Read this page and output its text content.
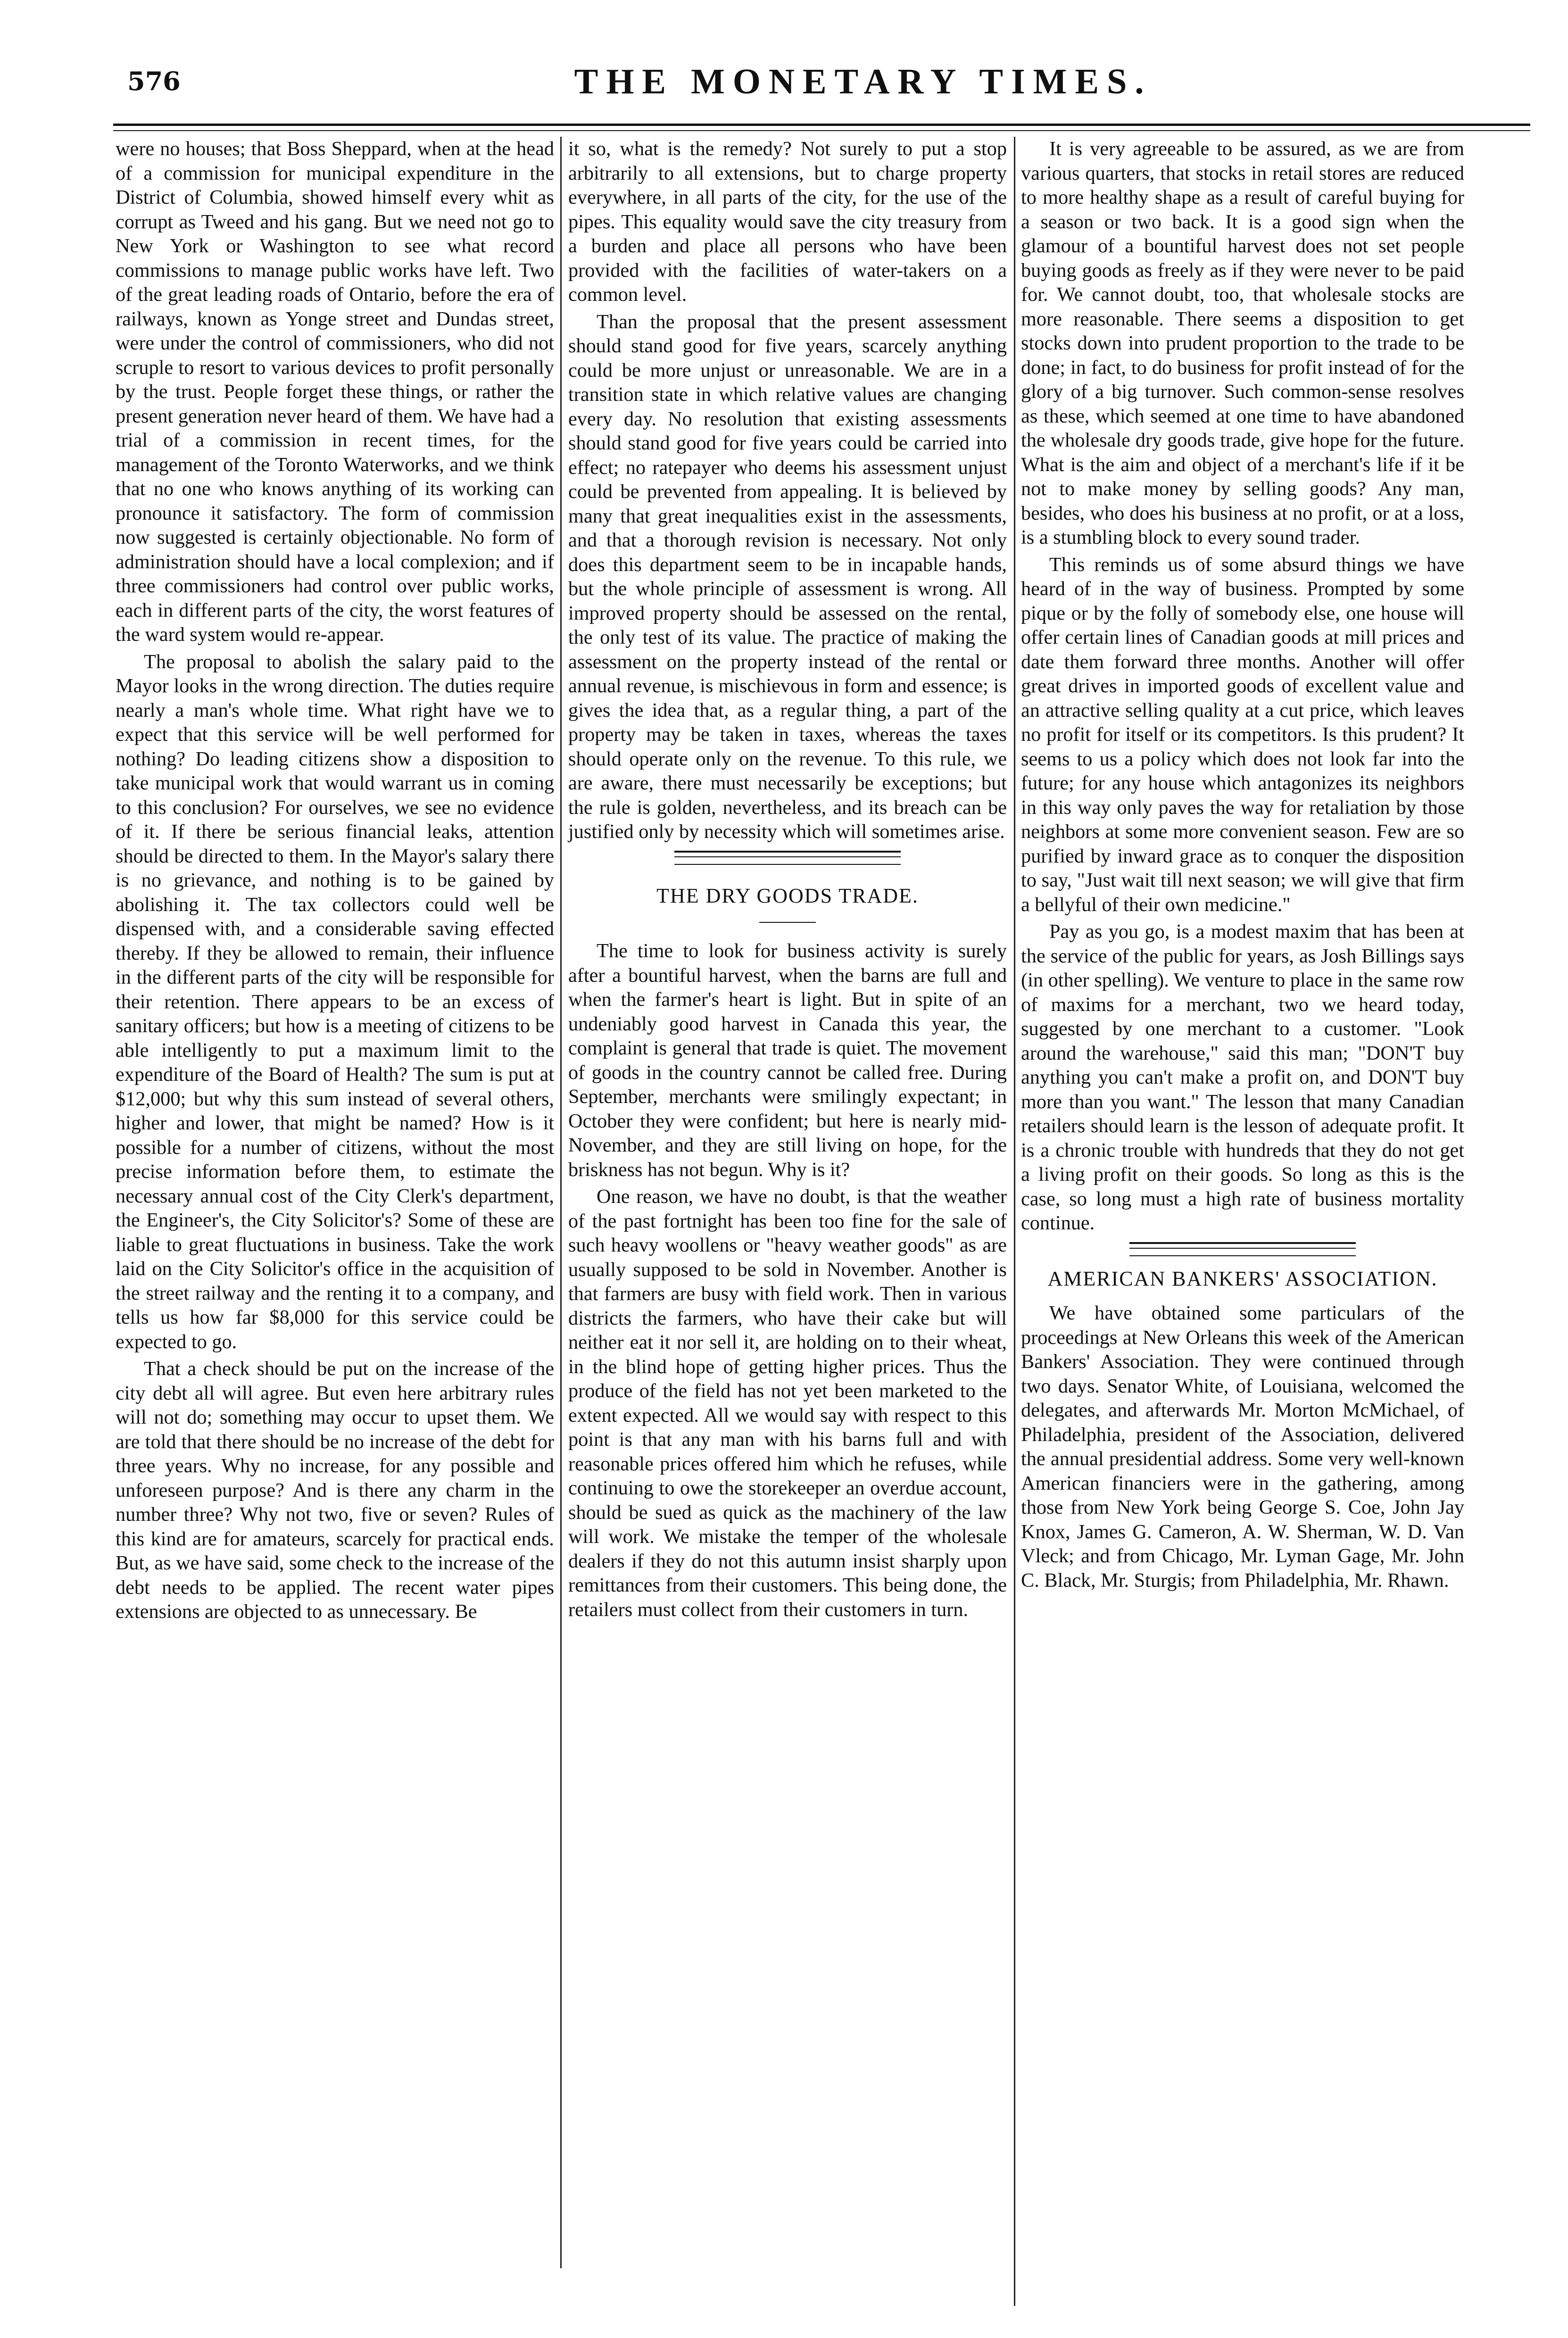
576	THE MONETARY TIMES.

were no houses; that Boss Sheppard, when at the head of a commission for municipal expenditure in the District of Columbia, showed himself every whit as corrupt as Tweed and his gang. But we need not go to New York or Washington to see what record commissions to manage public works have left. Two of the great leading roads of Ontario, before the era of railways, known as Yonge street and Dundas street, were under the control of commissioners, who did not scruple to resort to various devices to profit personally by the trust. People forget these things, or rather the present generation never heard of them. We have had a trial of a commission in recent times, for the management of the Toronto Waterworks, and we think that no one who knows anything of its working can pronounce it satisfactory. The form of commission now suggested is certainly objectionable. No form of administration should have a local complexion; and if three commissioners had control over public works, each in different parts of the city, the worst features of the ward system would re-appear.

The proposal to abolish the salary paid to the Mayor looks in the wrong direction. The duties require nearly a man's whole time. What right have we to expect that this service will be well performed for nothing? Do leading citizens show a disposition to take municipal work that would warrant us in coming to this conclusion? For ourselves, we see no evidence of it. If there be serious financial leaks, attention should be directed to them. In the Mayor's salary there is no grievance, and nothing is to be gained by abolishing it. The tax collectors could well be dispensed with, and a considerable saving effected thereby. If they be allowed to remain, their influence in the different parts of the city will be responsible for their retention. There appears to be an excess of sanitary officers; but how is a meeting of citizens to be able intelligently to put a maximum limit to the expenditure of the Board of Health? The sum is put at $12,000; but why this sum instead of several others, higher and lower, that might be named? How is it possible for a number of citizens, without the most precise information before them, to estimate the necessary annual cost of the City Clerk's department, the Engineer's, the City Solicitor's? Some of these are liable to great fluctuations in business. Take the work laid on the City Solicitor's office in the acquisition of the street railway and the renting it to a company, and tells us how far $8,000 for this service could be expected to go.

That a check should be put on the increase of the city debt all will agree. But even here arbitrary rules will not do; something may occur to upset them. We are told that there should be no increase of the debt for three years. Why no increase, for any possible and unforeseen purpose? And is there any charm in the number three? Why not two, five or seven? Rules of this kind are for amateurs, scarcely for practical ends. But, as we have said, some check to the increase of the debt needs to be applied. The recent water pipes extensions are objected to as unnecessary. Be

it so, what is the remedy? Not surely to put a stop arbitrarily to all extensions, but to charge property everywhere, in all parts of the city, for the use of the pipes. This equality would save the city treasury from a burden and place all persons who have been provided with the facilities of water-takers on a common level.

Than the proposal that the present assessment should stand good for five years, scarcely anything could be more unjust or unreasonable. We are in a transition state in which relative values are changing every day. No resolution that existing assessments should stand good for five years could be carried into effect; no ratepayer who deems his assessment unjust could be prevented from appealing. It is believed by many that great inequalities exist in the assessments, and that a thorough revision is necessary. Not only does this department seem to be in incapable hands, but the whole principle of assessment is wrong. All improved property should be assessed on the rental, the only test of its value. The practice of making the assessment on the property instead of the rental or annual revenue, is mischievous in form and essence; is gives the idea that, as a regular thing, a part of the property may be taken in taxes, whereas the taxes should operate only on the revenue. To this rule, we are aware, there must necessarily be exceptions; but the rule is golden, nevertheless, and its breach can be justified only by necessity which will sometimes arise.

THE DRY GOODS TRADE.

The time to look for business activity is surely after a bountiful harvest, when the barns are full and when the farmer's heart is light. But in spite of an undeniably good harvest in Canada this year, the complaint is general that trade is quiet. The movement of goods in the country cannot be called free. During September, merchants were smilingly expectant; in October they were confident; but here is nearly mid-November, and they are still living on hope, for the briskness has not begun. Why is it?

One reason, we have no doubt, is that the weather of the past fortnight has been too fine for the sale of such heavy woollens or "heavy weather goods" as are usually supposed to be sold in November. Another is that farmers are busy with field work. Then in various districts the farmers, who have their cake but will neither eat it nor sell it, are holding on to their wheat, in the blind hope of getting higher prices. Thus the produce of the field has not yet been marketed to the extent expected. All we would say with respect to this point is that any man with his barns full and with reasonable prices offered him which he refuses, while continuing to owe the storekeeper an overdue account, should be sued as quick as the machinery of the law will work. We mistake the temper of the wholesale dealers if they do not this autumn insist sharply upon remittances from their customers. This being done, the retailers must collect from their customers in turn.

It is very agreeable to be assured, as we are from various quarters, that stocks in retail stores are reduced to more healthy shape as a result of careful buying for a season or two back. It is a good sign when the glamour of a bountiful harvest does not set people buying goods as freely as if they were never to be paid for. We cannot doubt, too, that wholesale stocks are more reasonable. There seems a disposition to get stocks down into prudent proportion to the trade to be done; in fact, to do business for profit instead of for the glory of a big turnover. Such common-sense resolves as these, which seemed at one time to have abandoned the wholesale dry goods trade, give hope for the future. What is the aim and object of a merchant's life if it be not to make money by selling goods? Any man, besides, who does his business at no profit, or at a loss, is a stumbling block to every sound trader.

This reminds us of some absurd things we have heard of in the way of business. Prompted by some pique or by the folly of somebody else, one house will offer certain lines of Canadian goods at mill prices and date them forward three months. Another will offer great drives in imported goods of excellent value and an attractive selling quality at a cut price, which leaves no profit for itself or its competitors. Is this prudent? It seems to us a policy which does not look far into the future; for any house which antagonizes its neighbors in this way only paves the way for retaliation by those neighbors at some more convenient season. Few are so purified by inward grace as to conquer the disposition to say, "Just wait till next season; we will give that firm a bellyful of their own medicine."

Pay as you go, is a modest maxim that has been at the service of the public for years, as Josh Billings says (in other spelling). We venture to place in the same row of maxims for a merchant, two we heard today, suggested by one merchant to a customer. "Look around the warehouse," said this man; "DON'T buy anything you can't make a profit on, and DON'T buy more than you want." The lesson that many Canadian retailers should learn is the lesson of adequate profit. It is a chronic trouble with hundreds that they do not get a living profit on their goods. So long as this is the case, so long must a high rate of business mortality continue.

AMERICAN BANKERS' ASSOCIATION.

We have obtained some particulars of the proceedings at New Orleans this week of the American Bankers' Association. They were continued through two days. Senator White, of Louisiana, welcomed the delegates, and afterwards Mr. Morton McMichael, of Philadelphia, president of the Association, delivered the annual presidential address. Some very well-known American financiers were in the gathering, among those from New York being George S. Coe, John Jay Knox, James G. Cameron, A. W. Sherman, W. D. Van Vleck; and from Chicago, Mr. Lyman Gage, Mr. John C. Black, Mr. Sturgis; from Philadelphia, Mr. Rhawn.
